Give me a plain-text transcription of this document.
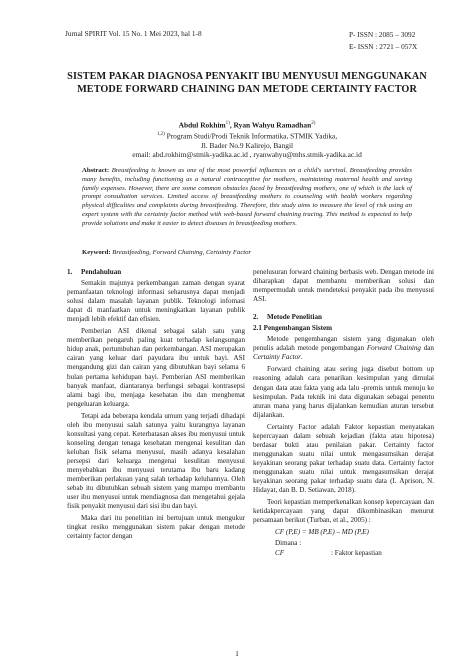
Jurnal SPIRIT Vol. 15 No. 1 Mei 2023, hal 1-8	P- ISSN : 2085 – 3092
E- ISSN : 2721 – 057X
SISTEM PAKAR DIAGNOSA PENYAKIT IBU MENYUSUI MENGGUNAKAN METODE FORWARD CHAINING DAN METODE CERTAINTY FACTOR
Abdul Rokhim$^{1)}$, Ryan Wahyu Ramadhan$^{2)}$
$^{1,2)}$ Program Studi/Prodi Teknik Informatika, STMIK Yadika,
Jl. Bader No.9 Kalirejo, Bangil
email: abd.rokhim@stmik-yadika.ac.id , ryanwahyu@mhs.stmik-yadika.ac.id
Abstract: Breastfeeding is known as one of the most powerful influences on a child's survival. Breastfeeding provides many benefits, including functioning as a natural contraceptive for mothers, maintaining maternal health and saving family expenses. However, there are some common obstacles faced by breastfeeding mothers, one of which is the lack of prompt consultation services. Limited access of breastfeeding mothers to counseling with health workers regarding physical difficulties and complaints during breastfeeding. Therefore, this study aims to measure the level of risk using an expert system with the certainty factor method with web-based forward chaining tracing. This method is expected to help provide solutions and make it easier to detect diseases in breastfeeding mothers.
Keyword: Breastfeeding, Forward Chaining, Certainty Factor

1. Pendahuluan

Semakin majunya perkembangan zaman dengan syarat pemanfaatan teknologi informasi seharusnya dapat menjadi solusi dalam masalah layanan publik. Teknologi infomasi dapat di manfaatkan untuk meningkatkan layanan publik menjadi lebih efektif dan efisien.

Pemberian ASI dikenal sebagai salah satu yang memberikan pengaruh paling kuat terhadap kelangsungan hidup anak, pertumbuhan dan perkembangan. ASI merupakan cairan yang keluar dari payudara ibu untuk bayi. ASI mengandung gizi dan cairan yang dibutuhkan bayi selama 6 bulan pertama kehidupan bayi. Pemberian ASI memberikan banyak manfaat, diantaranya berfungsi sebagai kontrasepsi alami bagi ibu, menjaga kesehatan ibu dan menghemat pengeluaran keluarga.

Tetapi ada beberapa kendala umum yang terjadi dihadapi oleh ibu menyusui salah satunya yaitu kurangnya layanan konsultasi yang cepat. Keterbatasan akses ibu menyusui untuk konseling dengan tenaga kesehatan mengenai kesulitan dan keluhan fisik selama menyusui, masih adanya kesalahan persepsi dari keluarga mengenai kesulitan menyusui menyebabkan ibu menyusui terutama ibu baru kadang memberikan perlakuan yang salah terhadap keluhannya. Oleh sebab itu dibutuhkan sebuah sistem yang mampu membantu user ibu menyusui untuk mendiagnosa dan mengetahui gejala fisik penyakit menyusui dari sisi ibu dan bayi.

Maka dari itu penelitian ini bertujuan untuk mengukur tingkat resiko menggunakan sistem pakar dengan metode certainty factor dengan

penelusuran forward chaining berbasis web. Dengan metode ini diharapkan dapat membantu memberikan solusi dan mempermudah untuk mendeteksi penyakit pada ibu menyusui ASI.

2. Metode Penelitian

2.1 Pengembangan Sistem

Metode pengembangan sistem yang digunakan oleh penulis adalah metode pengembangan Forward Chaining dan Certainty Factor.

Forward chaining atau sering juga disebut bottom up reasoning adalah cara penarikan kesimpulan yang dimulai dengan data atau fakta yang ada lalu -premis untuk menuju ke kesimpulan. Pada teknik ini data digunakan sebagai penentu aturan mana yang harus dijalankan kemudian aturan tersebut dijalankan.

Certainty Factor adalah Faktor kepastian menyatakan kepercayaan dalam sebuah kejadian (fakta atau hipotesa) berdasar bukti atau penilaian pakar. Certainty factor menggunakan suatu nilai untuk mengasumsikan derajat keyakinan seorang pakar terhadap suatu data. Certainty factor menggunakan suatu nilai untuk mengasumsikan derajat keyakinan seorang pakar terhadap suatu data (I. Aprison, N. Hidayat, dan B. D. Setiawan, 2018).

Teori kepastian memperkenalkan konsep kepercayaan dan ketidakpercayaan yang dapat dikombinasikan menurut persamaan berikut (Turban, et al., 2005) :

CF (P,E) = MB (P,E) – MD (P,E)

Dimana :

CF	: Faktor kepastian
1
